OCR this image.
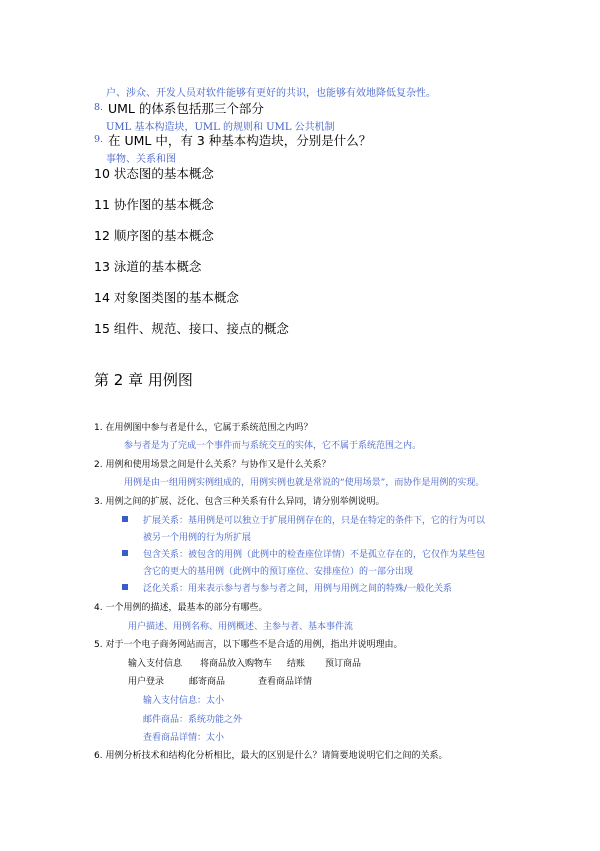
户、涉众、开发人员对软件能够有更好的共识，也能够有效地降低复杂性。
8. UML 的体系包括那三个部分
UML 基本构造块，UML 的规则和 UML 公共机制
9. 在 UML 中，有 3 种基本构造块，分别是什么？
事物、关系和图
10 状态图的基本概念
11 协作图的基本概念
12 顺序图的基本概念
13 泳道的基本概念
14 对象图类图的基本概念
15 组件、规范、接口、接点的概念
第 2 章 用例图
1. 在用例图中参与者是什么，它属于系统范围之内吗？
参与者是为了完成一个事件而与系统交互的实体，它不属于系统范围之内。
2. 用例和使用场景之间是什么关系？与协作又是什么关系？
用例是由一组用例实例组成的，用例实例也就是常说的“使用场景”，而协作是用例的实现。
3. 用例之间的扩展、泛化、包含三种关系有什么异同，请分别举例说明。
扩展关系：基用例是可以独立于扩展用例存在的，只是在特定的条件下，它的行为可以
被另一个用例的行为所扩展
包含关系：被包含的用例（此例中的检查座位详情）不是孤立存在的，它仅作为某些包
含它的更大的基用例（此例中的预订座位、安排座位）的一部分出现
泛化关系：用来表示参与者与参与者之间，用例与用例之间的特殊/一般化关系
4. 一个用例的描述，最基本的部分有哪些。
用户描述、用例名称、用例概述、主参与者、基本事件流
5. 对于一个电子商务网站而言，以下哪些不是合适的用例，指出并说明理由。
输入支付信息 将商品放入购物车 结账 预订商品
用户登录	邮寄商品	查看商品详情
输入支付信息：太小
邮件商品：系统功能之外
查看商品详情：太小
6. 用例分析技术和结构化分析相比，最大的区别是什么？请简要地说明它们之间的关系。
